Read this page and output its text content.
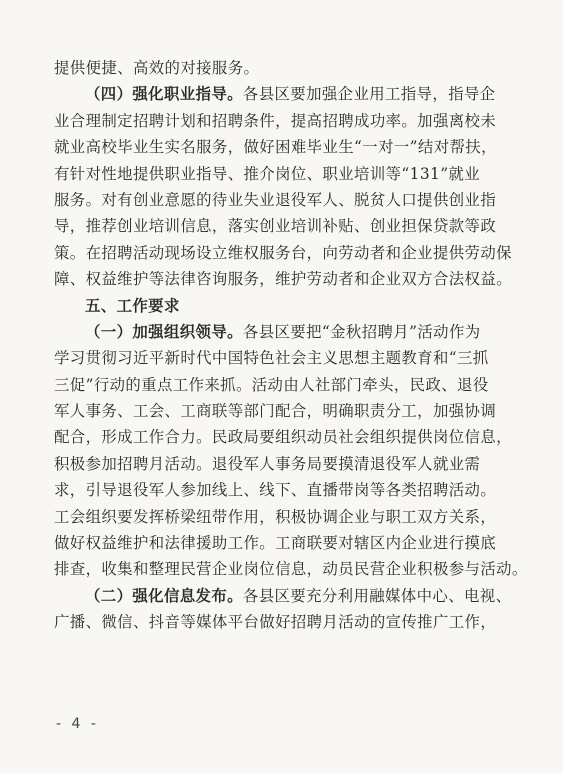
提供便捷、高效的对接服务。
（四）强化职业指导。各县区要加强企业用工指导，指导企
业合理制定招聘计划和招聘条件，提高招聘成功率。加强离校未
就业高校毕业生实名服务，做好困难毕业生“一对一”结对帮扶，
有针对性地提供职业指导、推介岗位、职业培训等“131”就业
服务。对有创业意愿的待业失业退役军人、脱贫人口提供创业指
导，推荐创业培训信息，落实创业培训补贴、创业担保贷款等政
策。在招聘活动现场设立维权服务台，向劳动者和企业提供劳动保
障、权益维护等法律咨询服务，维护劳动者和企业双方合法权益。
五、工作要求
（一）加强组织领导。各县区要把“金秋招聘月”活动作为
学习贯彻习近平新时代中国特色社会主义思想主题教育和“三抓
三促”行动的重点工作来抓。活动由人社部门牵头，民政、退役
军人事务、工会、工商联等部门配合，明确职责分工，加强协调
配合，形成工作合力。民政局要组织动员社会组织提供岗位信息，
积极参加招聘月活动。退役军人事务局要摸清退役军人就业需
求，引导退役军人参加线上、线下、直播带岗等各类招聘活动。
工会组织要发挥桥梁纽带作用，积极协调企业与职工双方关系，
做好权益维护和法律援助工作。工商联要对辖区内企业进行摸底
排查，收集和整理民营企业岗位信息，动员民营企业积极参与活动。
（二）强化信息发布。各县区要充分利用融媒体中心、电视、
广播、微信、抖音等媒体平台做好招聘月活动的宣传推广工作，
- 4 -
